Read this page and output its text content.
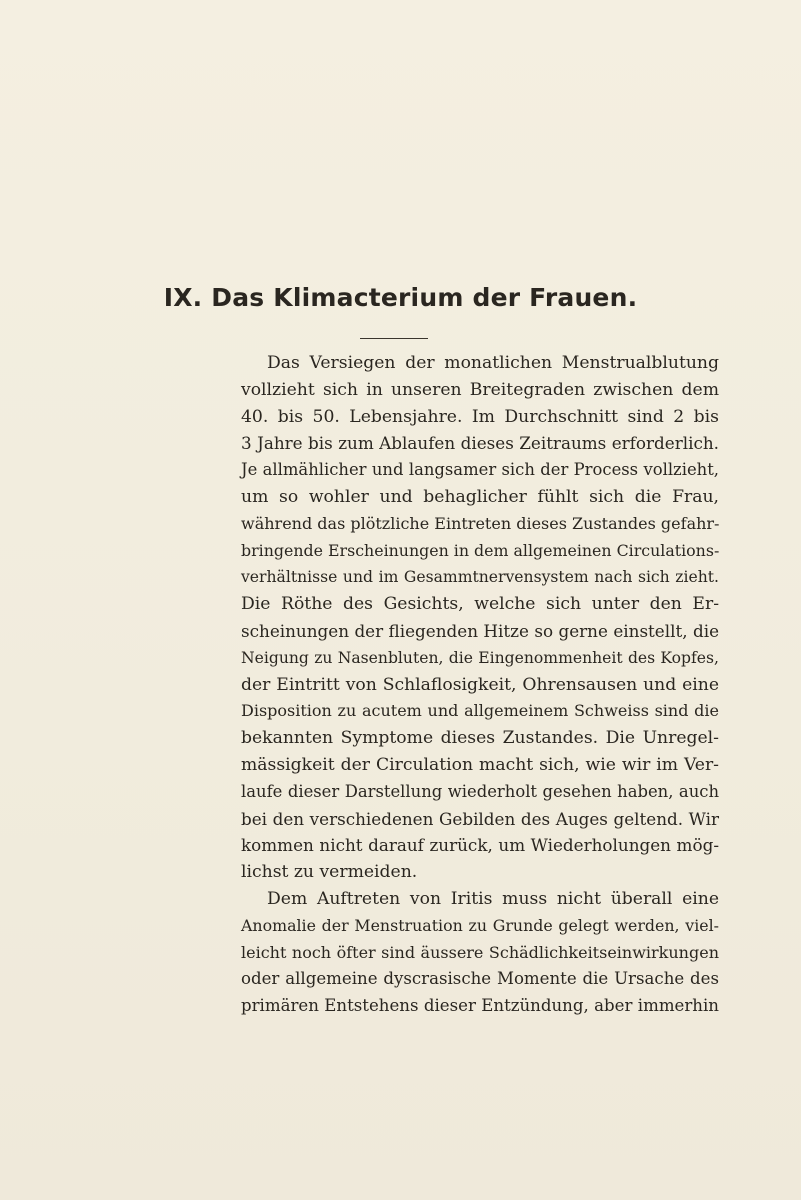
IX. Das Klimacterium der Frauen.
Das Versiegen der monatlichen Menstrualblutung
vollzieht sich in unseren Breitegraden zwischen dem
40. bis 50. Lebensjahre. Im Durchschnitt sind 2 bis
3 Jahre bis zum Ablaufen dieses Zeitraums erforderlich.
Je allmählicher und langsamer sich der Process vollzieht,
um so wohler und behaglicher fühlt sich die Frau,
während das plötzliche Eintreten dieses Zustandes gefahr-
bringende Erscheinungen in dem allgemeinen Circulations-
verhältnisse und im Gesammtnervensystem nach sich zieht.
Die Röthe des Gesichts, welche sich unter den Er-
scheinungen der fliegenden Hitze so gerne einstellt, die
Neigung zu Nasenbluten, die Eingenommenheit des Kopfes,
der Eintritt von Schlaflosigkeit, Ohrensausen und eine
Disposition zu acutem und allgemeinem Schweiss sind die
bekannten Symptome dieses Zustandes. Die Unregel-
mässigkeit der Circulation macht sich, wie wir im Ver-
laufe dieser Darstellung wiederholt gesehen haben, auch
bei den verschiedenen Gebilden des Auges geltend. Wir
kommen nicht darauf zurück, um Wiederholungen mög-
lichst zu vermeiden.
Dem Auftreten von Iritis muss nicht überall eine
Anomalie der Menstruation zu Grunde gelegt werden, viel-
leicht noch öfter sind äussere Schädlichkeitseinwirkungen
oder allgemeine dyscrasische Momente die Ursache des
primären Entstehens dieser Entzündung, aber immerhin
